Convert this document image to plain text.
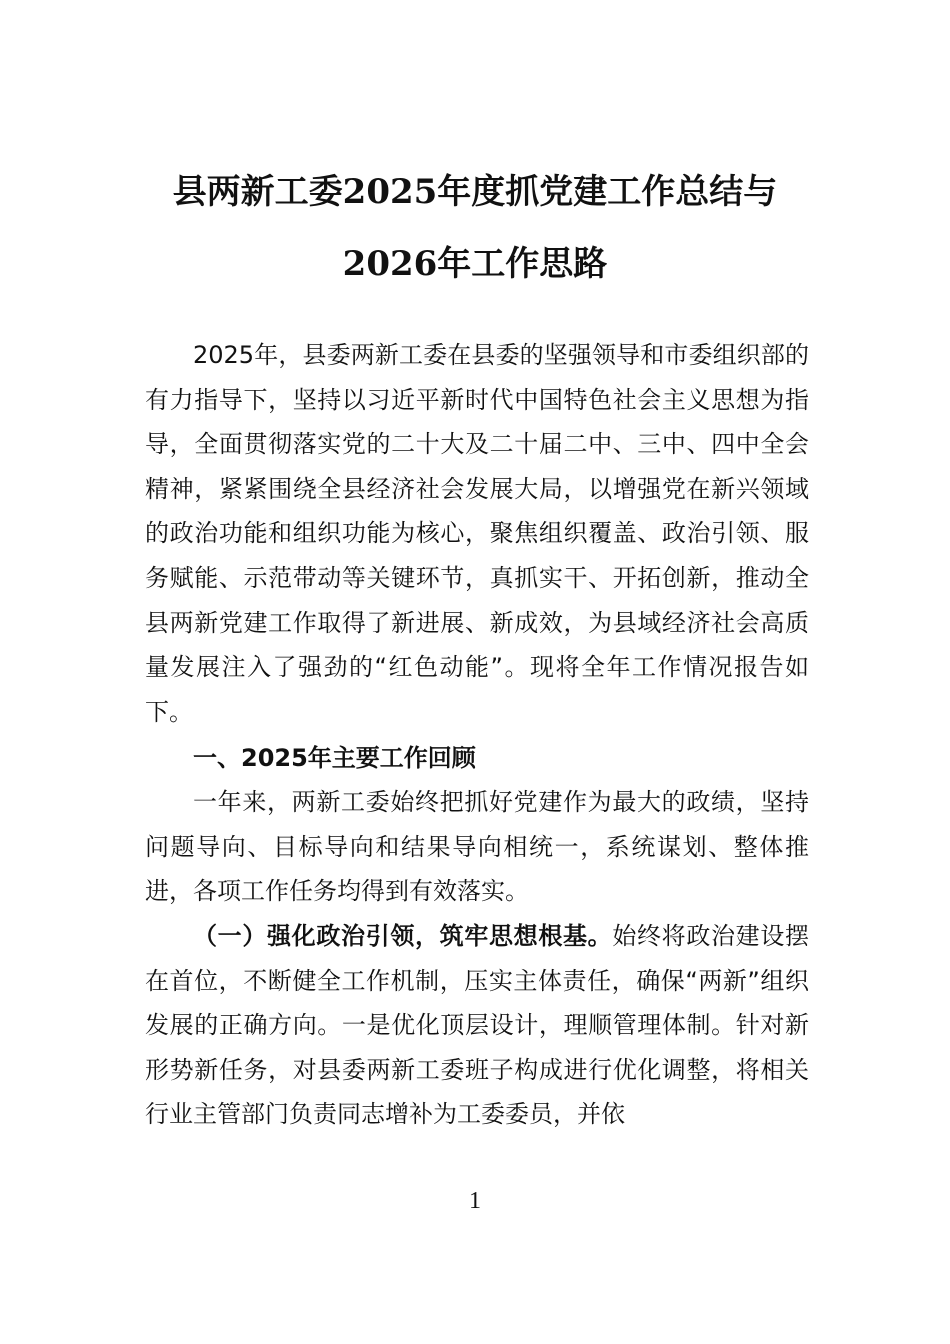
县两新工委2025年度抓党建工作总结与
2026年工作思路

2025年，县委两新工委在县委的坚强领导和市委组织部的有力指导下，坚持以习近平新时代中国特色社会主义思想为指导，全面贯彻落实党的二十大及二十届二中、三中、四中全会精神，紧紧围绕全县经济社会发展大局，以增强党在新兴领域的政治功能和组织功能为核心，聚焦组织覆盖、政治引领、服务赋能、示范带动等关键环节，真抓实干、开拓创新，推动全县两新党建工作取得了新进展、新成效，为县域经济社会高质量发展注入了强劲的“红色动能”。现将全年工作情况报告如下。

一、2025年主要工作回顾

一年来，两新工委始终把抓好党建作为最大的政绩，坚持问题导向、目标导向和结果导向相统一，系统谋划、整体推进，各项工作任务均得到有效落实。

（一）强化政治引领，筑牢思想根基。始终将政治建设摆在首位，不断健全工作机制，压实主体责任，确保“两新”组织发展的正确方向。一是优化顶层设计，理顺管理体制。针对新形势新任务，对县委两新工委班子构成进行优化调整，将相关行业主管部门负责同志增补为工委委员，并依

1
